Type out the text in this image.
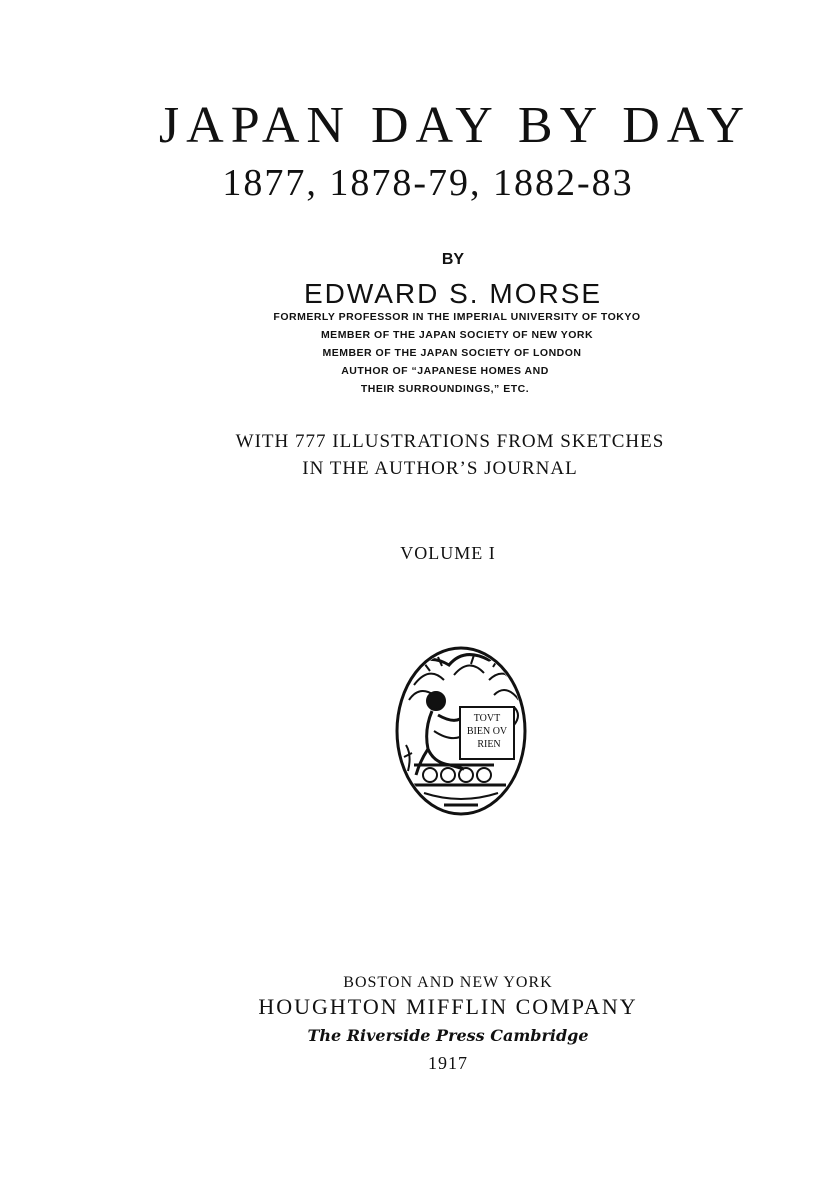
JAPAN DAY BY DAY
1877, 1878-79, 1882-83
BY
EDWARD S. MORSE
FORMERLY PROFESSOR IN THE IMPERIAL UNIVERSITY OF TOKYO
MEMBER OF THE JAPAN SOCIETY OF NEW YORK
MEMBER OF THE JAPAN SOCIETY OF LONDON
AUTHOR OF “JAPANESE HOMES AND
THEIR SURROUNDINGS,” ETC.
WITH 777 ILLUSTRATIONS FROM SKETCHES
IN THE AUTHOR’S JOURNAL
VOLUME I
TOVT
BIEN OV
RIEN
BOSTON AND NEW YORK
HOUGHTON MIFFLIN COMPANY
The Riverside Press Cambridge
1917
